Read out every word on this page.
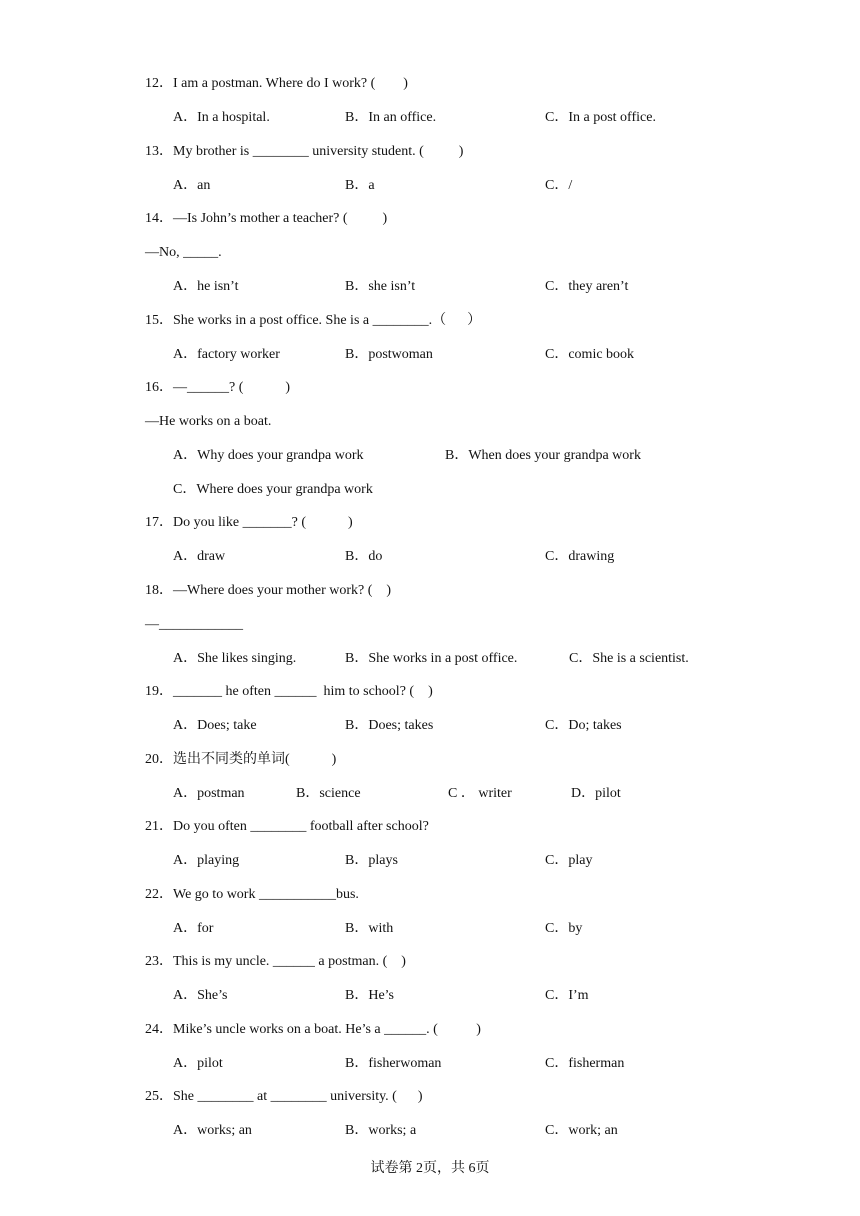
12．I am a postman. Where do I work? (        )
A．In a hospital.	B．In an office.	C．In a post office.
13．My brother is ________ university student. (          )
A．an	B．a	C．/
14．—Is John’s mother a teacher? (          )
—No, _____.
A．he isn’t	B．she isn’t	C．they aren’t
15．She works in a post office. She is a ________.（      ）
A．factory worker	B．postwoman	C．comic book
16．—______? (            )
—He works on a boat.
A．Why does your grandpa work	B．When does your grandpa work
C．Where does your grandpa work
17．Do you like _______? (            )
A．draw	B．do	C．drawing
18．—Where does your mother work? (    )
—____________
A．She likes singing.	B．She works in a post office.	C．She is a scientist.
19．_______ he often ______  him to school? (    )
A．Does; take	B．Does; takes	C．Do; takes
20．选出不同类的单词(            )
A．postman	B．science	C ． writer	D．pilot
21．Do you often ________ football after school?
A．playing	B．plays	C．play
22．We go to work ___________bus.
A．for	B．with	C．by
23．This is my uncle. ______ a postman. (    )
A．She’s	B．He’s	C．I’m
24．Mike’s uncle works on a boat. He’s a ______. (           )
A．pilot	B．fisherwoman	C．fisherman
25．She ________ at ________ university. (      )
A．works; an	B．works; a	C．work; an
试卷第 2页，共 6页
